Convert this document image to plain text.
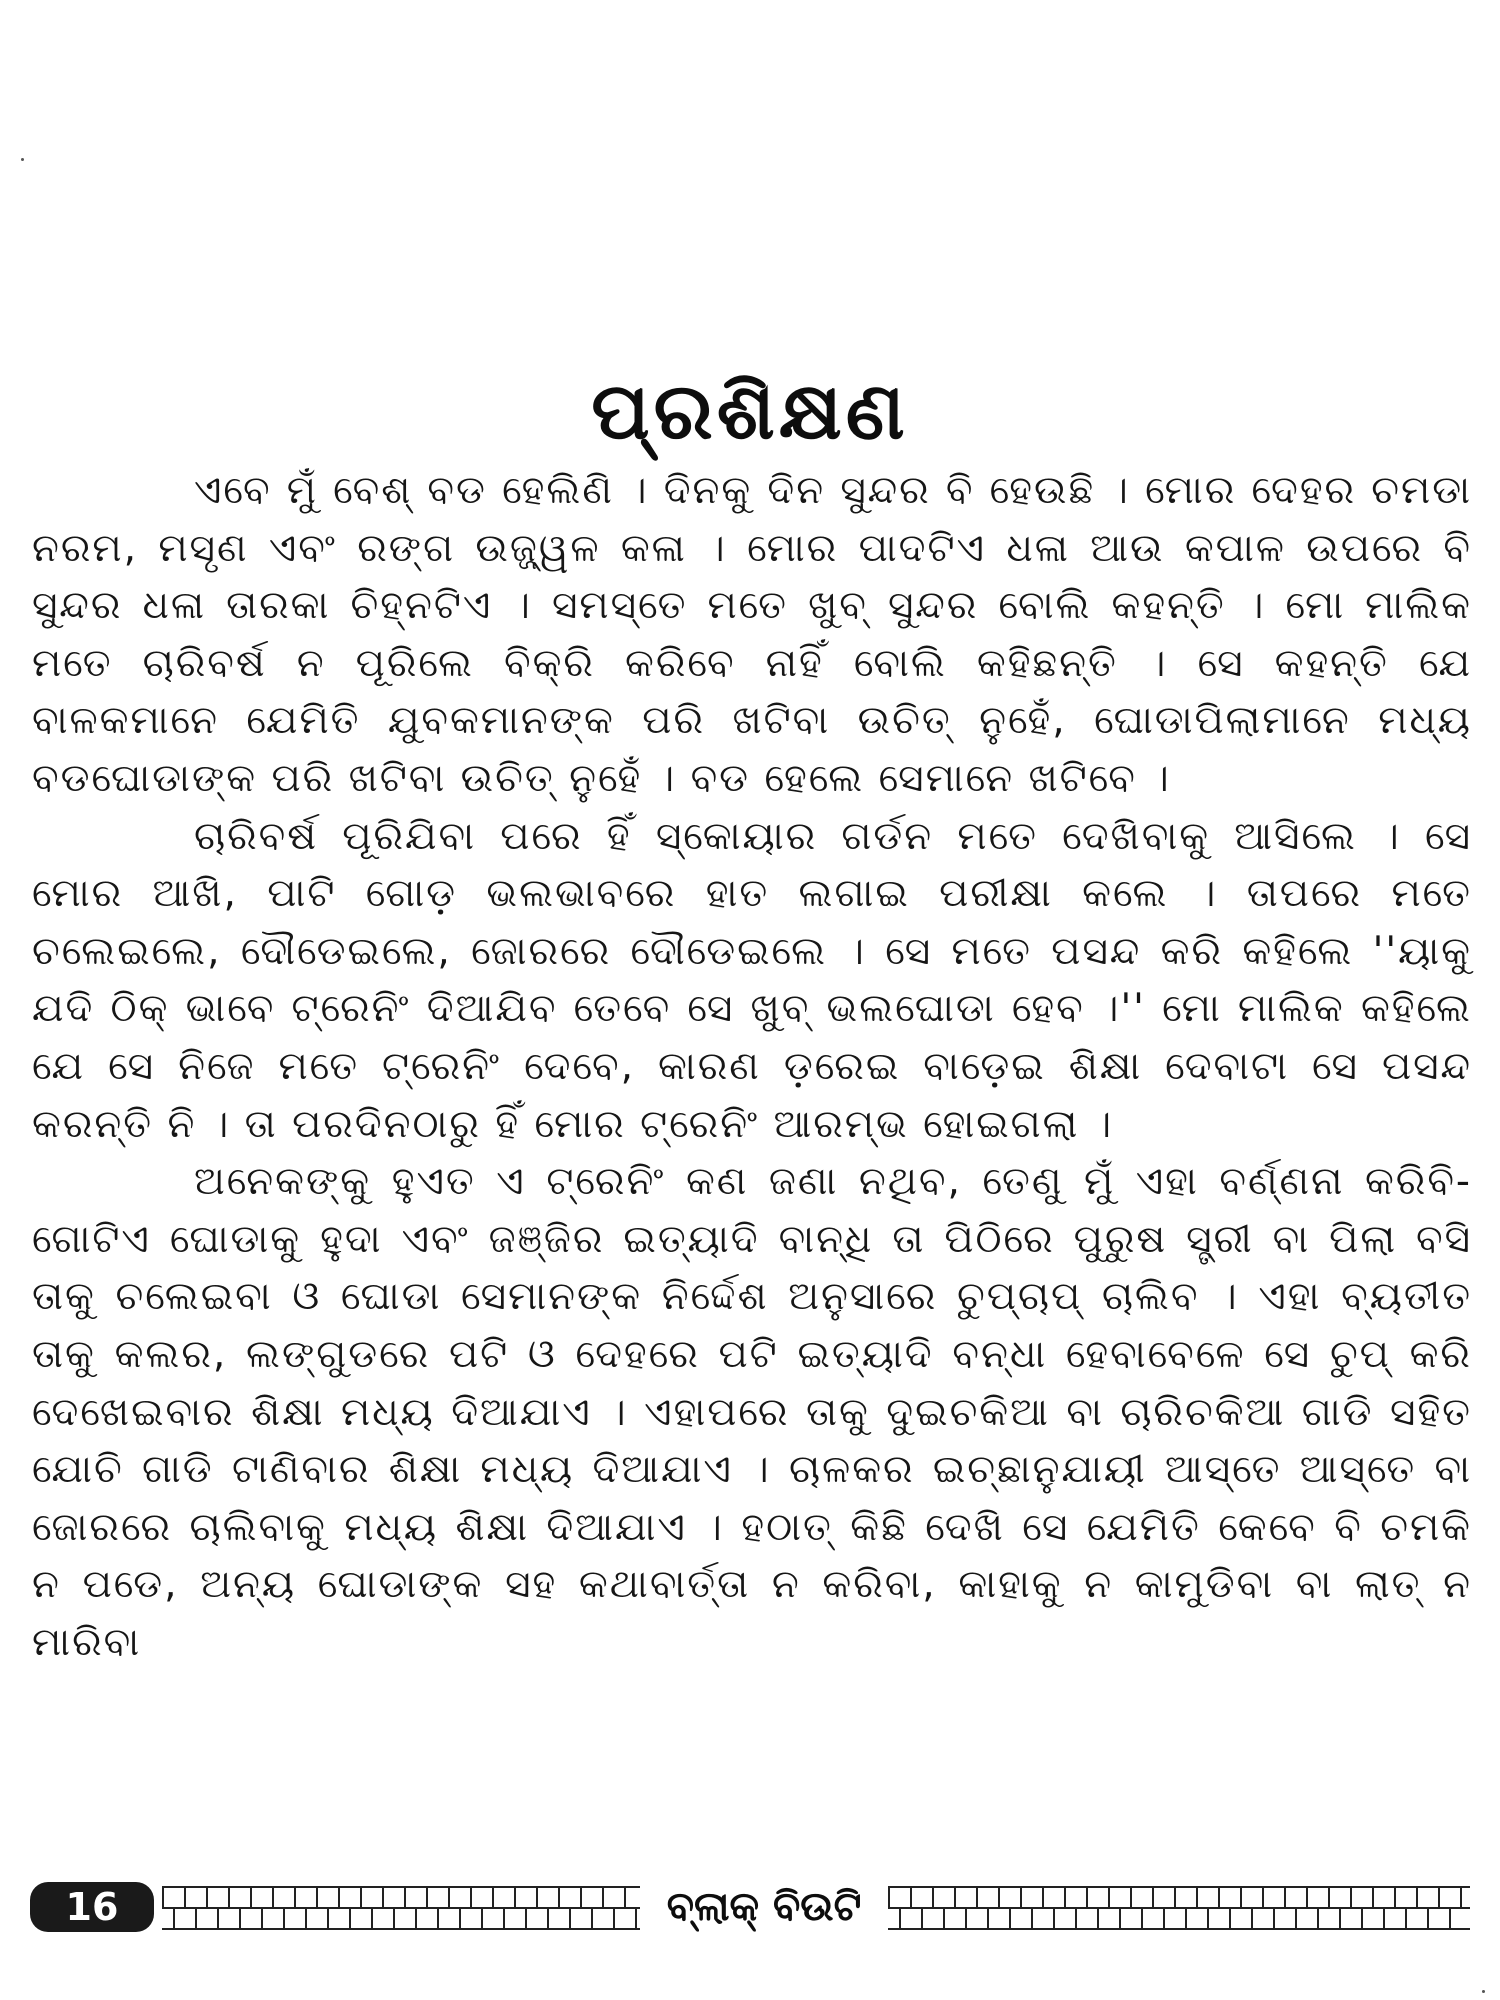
ପ୍ରଶିକ୍ଷଣ

ଏବେ ମୁଁ ବେଶ୍ ବଡ ହେଲିଣି । ଦିନକୁ ଦିନ ସୁନ୍ଦର ବି ହେଉଛି । ମୋର ଦେହର ଚମଡା ନରମ, ମସୃଣ ଏବଂ ରଙ୍ଗ ଉଜ୍ଜ୍ୱଳ କଳା । ମୋର ପାଦଟିଏ ଧଳା ଆଉ କପାଳ ଉପରେ ବି ସୁନ୍ଦର ଧଳା ତାରକା ଚିହ୍ନଟିଏ । ସମସ୍ତେ ମତେ ଖୁବ୍ ସୁନ୍ଦର ବୋଲି କହନ୍ତି । ମୋ ମାଲିକ ମତେ ଚାରିବର୍ଷ ନ ପୂରିଲେ ବିକ୍ରି କରିବେ ନାହିଁ ବୋଲି କହିଛନ୍ତି । ସେ କହନ୍ତି ଯେ ବାଳକମାନେ ଯେମିତି ଯୁବକମାନଙ୍କ ପରି ଖଟିବା ଉଚିତ୍ ନୁହେଁ, ଘୋଡାପିଲାମାନେ ମଧ୍ୟ ବଡଘୋଡାଙ୍କ ପରି ଖଟିବା ଉଚିତ୍ ନୁହେଁ । ବଡ ହେଲେ ସେମାନେ ଖଟିବେ ।

ଚାରିବର୍ଷ ପୂରିଯିବା ପରେ ହିଁ ସ୍କୋୟାର ଗର୍ଡନ ମତେ ଦେଖିବାକୁ ଆସିଲେ । ସେ ମୋର ଆଖି, ପାଟି ଗୋଡ଼ ଭଲଭାବରେ ହାତ ଲଗାଇ ପରୀକ୍ଷା କଲେ । ତାପରେ ମତେ ଚଲେଇଲେ, ଦୌଡେଇଲେ, ଜୋରରେ ଦୌଡେଇଲେ । ସେ ମତେ ପସନ୍ଦ କରି କହିଲେ ''ୟାକୁ ଯଦି ଠିକ୍ ଭାବେ ଟ୍ରେନିଂ ଦିଆଯିବ ତେବେ ସେ ଖୁବ୍ ଭଲଘୋଡା ହେବ ।'' ମୋ ମାଲିକ କହିଲେ ଯେ ସେ ନିଜେ ମତେ ଟ୍ରେନିଂ ଦେବେ, କାରଣ ଡ଼ରେଇ ବାଡ଼େଇ ଶିକ୍ଷା ଦେବାଟା ସେ ପସନ୍ଦ କରନ୍ତି ନି । ତା ପରଦିନଠାରୁ ହିଁ ମୋର ଟ୍ରେନିଂ ଆରମ୍ଭ ହୋଇଗଲା ।

ଅନେକଙ୍କୁ ହୁଏତ ଏ ଟ୍ରେନିଂ କଣ ଜଣା ନଥିବ, ତେଣୁ ମୁଁ ଏହା ବର୍ଣ୍ଣନା କରିବି- ଗୋଟିଏ ଘୋଡାକୁ ହୁଦା ଏବଂ ଜଞ୍ଜିର ଇତ୍ୟାଦି ବାନ୍ଧି ତା ପିଠିରେ ପୁରୁଷ ସ୍ତ୍ରୀ ବା ପିଲା ବସି ତାକୁ ଚଲେଇବା ଓ ଘୋଡା ସେମାନଙ୍କ ନିର୍ଦ୍ଦେଶ ଅନୁସାରେ ଚୁପ୍‌ଚାପ୍ ଚାଲିବ । ଏହା ବ୍ୟତୀତ ତାକୁ କଲର, ଲଙ୍ଗୁଡରେ ପଟି ଓ ଦେହରେ ପଟି ଇତ୍ୟାଦି ବନ୍ଧା ହେବାବେଳେ ସେ ଚୁପ୍ କରି ଦେଖେଇବାର ଶିକ୍ଷା ମଧ୍ୟ ଦିଆଯାଏ । ଏହାପରେ ତାକୁ ଦୁଇଚକିଆ ବା ଚାରିଚକିଆ ଗାଡି ସହିତ ଯୋଚି ଗାଡି ଟାଣିବାର ଶିକ୍ଷା ମଧ୍ୟ ଦିଆଯାଏ । ଚାଳକର ଇଚ୍ଛାନୁଯାୟୀ ଆସ୍ତେ ଆସ୍ତେ ବା ଜୋରରେ ଚାଲିବାକୁ ମଧ୍ୟ ଶିକ୍ଷା ଦିଆଯାଏ । ହଠାତ୍ କିଛି ଦେଖି ସେ ଯେମିତି କେବେ ବି ଚମକି ନ ପଡେ, ଅନ୍ୟ ଘୋଡାଙ୍କ ସହ କଥାବାର୍ତ୍ତା ନ କରିବା, କାହାକୁ ନ କାମୁଡିବା ବା ଲାତ୍ ନ ମାରିବା

16	ବ୍ଲାକ୍ ବିଉଟି
